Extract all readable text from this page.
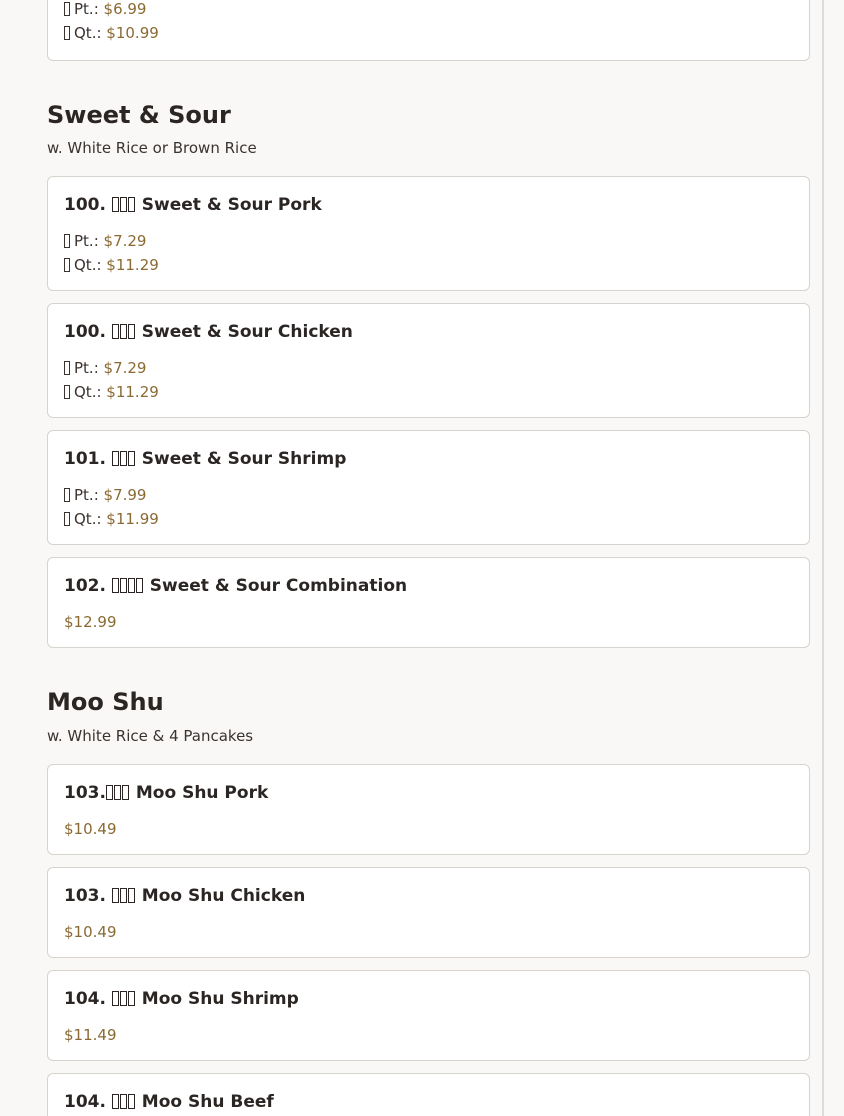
Pt.: $6.99
Qt.: $10.99
Sweet & Sour
w. White Rice or Brown Rice
100. Sweet & Sour Pork
Pt.: $7.29
Qt.: $11.29
100. Sweet & Sour Chicken
Pt.: $7.29
Qt.: $11.29
101. Sweet & Sour Shrimp
Pt.: $7.99
Qt.: $11.99
102.	Sweet & Sour Combination
$12.99
Moo Shu
w. White Rice & 4 Pancakes
103. Moo Shu Pork
$10.49
103. Moo Shu Chicken
$10.49
104. Moo Shu Shrimp
$11.49
104. Moo Shu Beef
